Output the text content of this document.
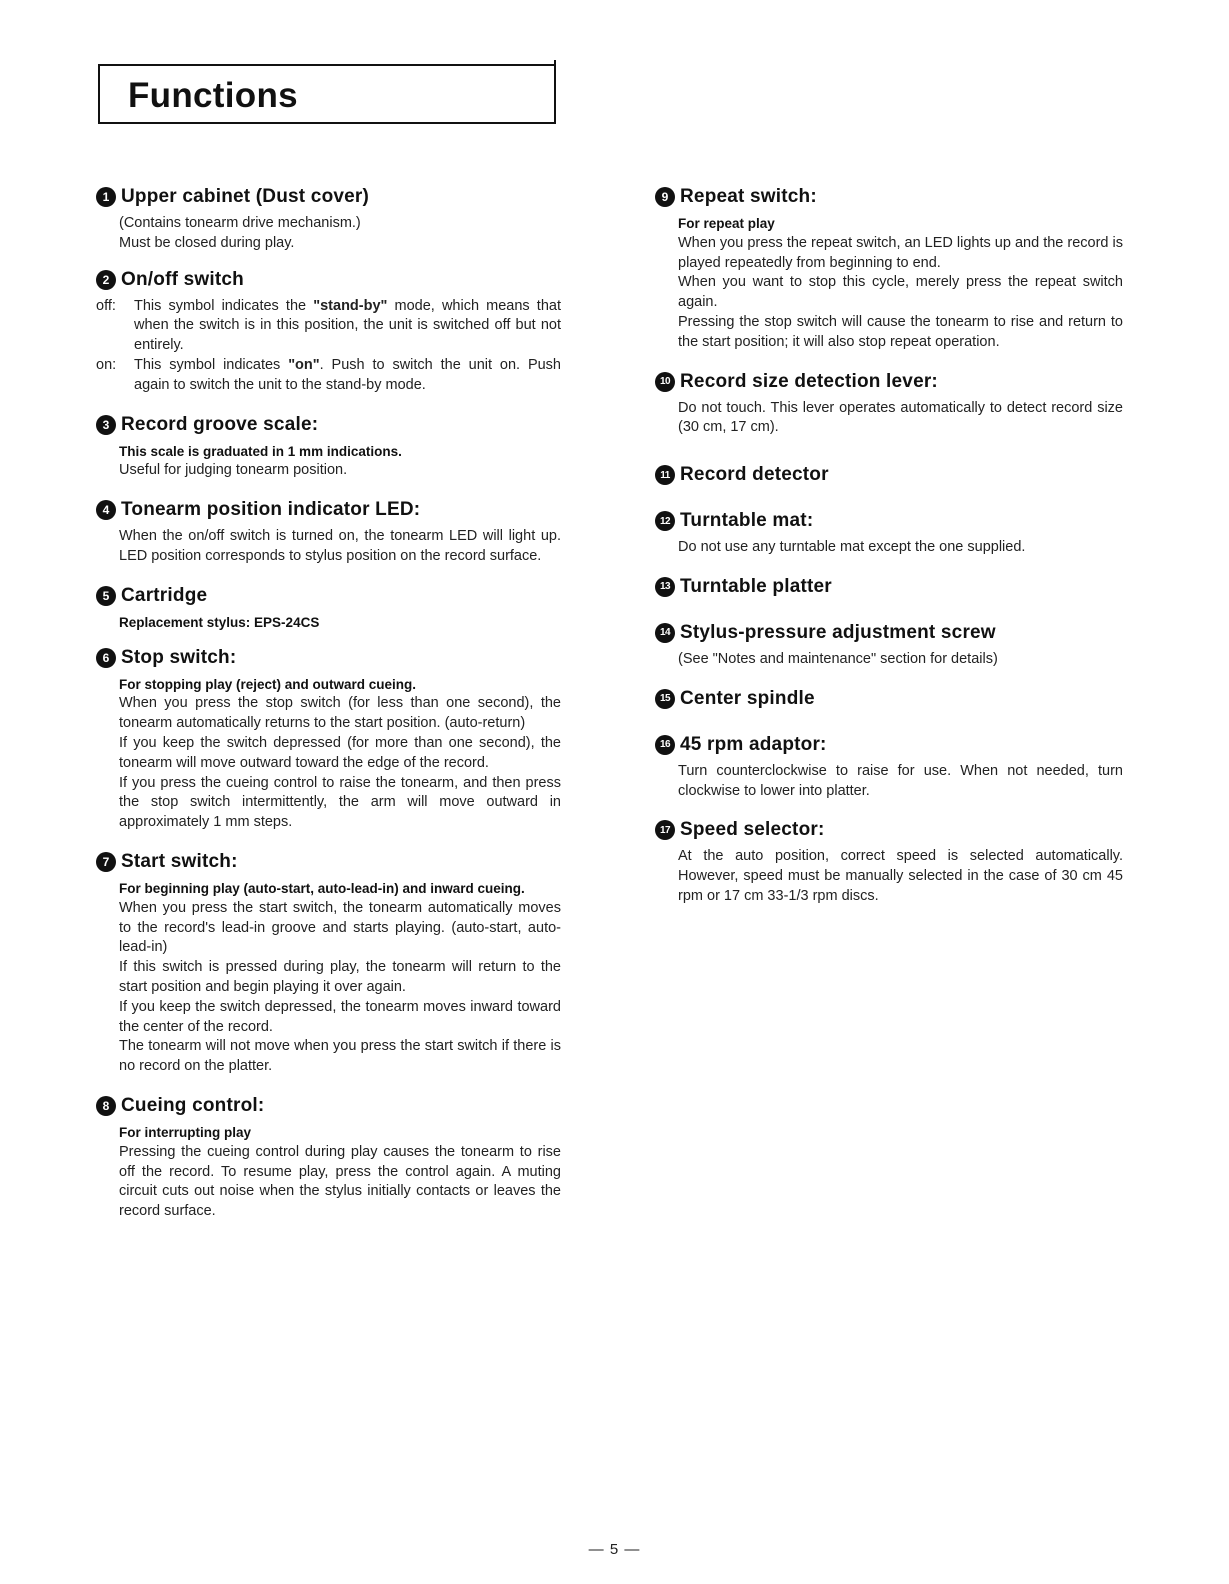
Functions
1 Upper cabinet (Dust cover)

(Contains tonearm drive mechanism.)

Must be closed during play.

2 On/off switch
off:	This symbol indicates the "stand-by" mode, which means that when the switch is in this position, the unit is switched off but not entirely.
on:	This symbol indicates "on". Push to switch the unit on. Push again to switch the unit to the stand-by mode.
3 Record groove scale:

This scale is graduated in 1 mm indications.

Useful for judging tonearm position.

4 Tonearm position indicator LED:

When the on/off switch is turned on, the tonearm LED will light up. LED position corresponds to stylus position on the record surface.

5 Cartridge

Replacement stylus: EPS-24CS

6 Stop switch:

For stopping play (reject) and outward cueing.

When you press the stop switch (for less than one second), the tonearm automatically returns to the start position. (auto-return)

If you keep the switch depressed (for more than one second), the tonearm will move outward toward the edge of the record.

If you press the cueing control to raise the tonearm, and then press the stop switch intermittently, the arm will move outward in approximately 1 mm steps.

7 Start switch:

For beginning play (auto-start, auto-lead-in) and inward cueing.

When you press the start switch, the tonearm automatically moves to the record's lead-in groove and starts playing. (auto-start, auto-lead-in)

If this switch is pressed during play, the tonearm will return to the start position and begin playing it over again.

If you keep the switch depressed, the tonearm moves inward toward the center of the record.

The tonearm will not move when you press the start switch if there is no record on the platter.

8 Cueing control:

For interrupting play

Pressing the cueing control during play causes the tonearm to rise off the record. To resume play, press the control again. A muting circuit cuts out noise when the stylus initially contacts or leaves the record surface.

9 Repeat switch:

For repeat play

When you press the repeat switch, an LED lights up and the record is played repeatedly from beginning to end.

When you want to stop this cycle, merely press the repeat switch again.

Pressing the stop switch will cause the tonearm to rise and return to the start position; it will also stop repeat operation.

10 Record size detection lever:

Do not touch. This lever operates automatically to detect record size (30 cm, 17 cm).

11 Record detector
12 Turntable mat:

Do not use any turntable mat except the one supplied.

13 Turntable platter
14 Stylus-pressure adjustment screw

(See "Notes and maintenance" section for details)

15 Center spindle
16 45 rpm adaptor:

Turn counterclockwise to raise for use. When not needed, turn clockwise to lower into platter.

17 Speed selector:

At the auto position, correct speed is selected automatically. However, speed must be manually selected in the case of 30 cm 45 rpm or 17 cm 33-1/3 rpm discs.

— 5 —
